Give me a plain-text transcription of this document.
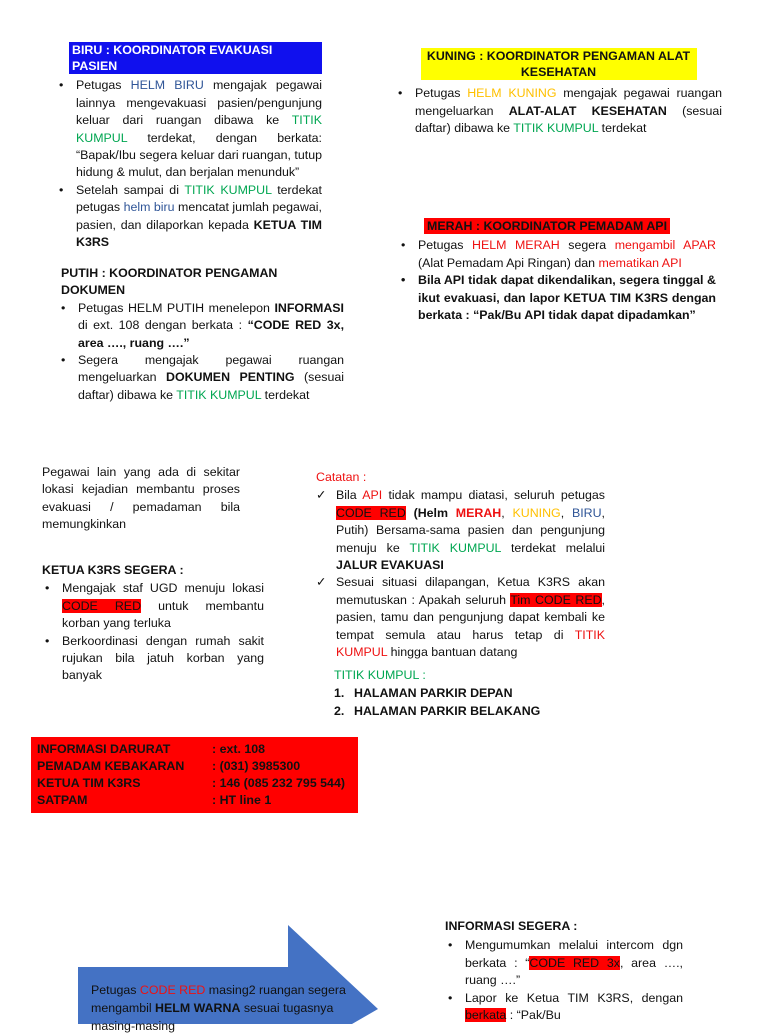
BIRU : KOORDINATOR EVAKUASI PASIEN
• Petugas HELM BIRU mengajak pegawai lainnya mengevakuasi pasien/pengunjung keluar dari ruangan dibawa ke TITIK KUMPUL terdekat, dengan berkata: “Bapak/Ibu segera keluar dari ruangan, tutup hidung & mulut, dan berjalan menunduk”
• Setelah sampai di TITIK KUMPUL terdekat petugas helm biru mencatat jumlah pegawai, pasien, dan dilaporkan kepada KETUA TIM K3RS
KUNING : KOORDINATOR PENGAMAN ALAT KESEHATAN
• Petugas HELM KUNING mengajak pegawai ruangan mengeluarkan ALAT-ALAT KESEHATAN (sesuai daftar) dibawa ke TITIK KUMPUL terdekat
MERAH : KOORDINATOR PEMADAM API
• Petugas HELM MERAH segera mengambil APAR (Alat Pemadam Api Ringan) dan mematikan API
• Bila API tidak dapat dikendalikan, segera tinggal & ikut evakuasi, dan lapor KETUA TIM K3RS dengan berkata : “Pak/Bu API tidak dapat dipadamkan”
PUTIH : KOORDINATOR PENGAMAN DOKUMEN
• Petugas HELM PUTIH menelepon INFORMASI di ext. 108 dengan berkata : “CODE RED 3x, area …., ruang ….”
• Segera mengajak pegawai ruangan mengeluarkan DOKUMEN PENTING (sesuai daftar) dibawa ke TITIK KUMPUL terdekat
Pegawai lain yang ada di sekitar lokasi kejadian membantu proses evakuasi / pemadaman bila memungkinkan
KETUA K3RS SEGERA :
• Mengajak staf UGD menuju lokasi CODE RED untuk membantu korban yang terluka
• Berkoordinasi dengan rumah sakit rujukan bila jatuh korban yang banyak
Catatan :
✓ Bila API tidak mampu diatasi, seluruh petugas CODE RED (Helm MERAH, KUNING, BIRU, Putih) Bersama-sama pasien dan pengunjung menuju ke TITIK KUMPUL terdekat melalui JALUR EVAKUASI
✓ Sesuai situasi dilapangan, Ketua K3RS akan memutuskan : Apakah seluruh Tim CODE RED, pasien, tamu dan pengunjung dapat kembali ke tempat semula atau harus tetap di TITIK KUMPUL hingga bantuan datang
TITIK KUMPUL :
1. HALAMAN PARKIR DEPAN
2. HALAMAN PARKIR BELAKANG
INFORMASI DARURAT	: ext. 108
PEMADAM KEBAKARAN	: (031) 3985300
KETUA TIM K3RS	: 146 (085 232 795 544)
SATPAM	: HT line 1
Petugas CODE RED masing2 ruangan segera mengambil HELM WARNA sesuai tugasnya masing-masing
INFORMASI SEGERA :
• Mengumumkan melalui intercom dgn berkata : “CODE RED 3x, area …., ruang ….”
• Lapor ke Ketua TIM K3RS, dengan berkata : “Pak/Bu
